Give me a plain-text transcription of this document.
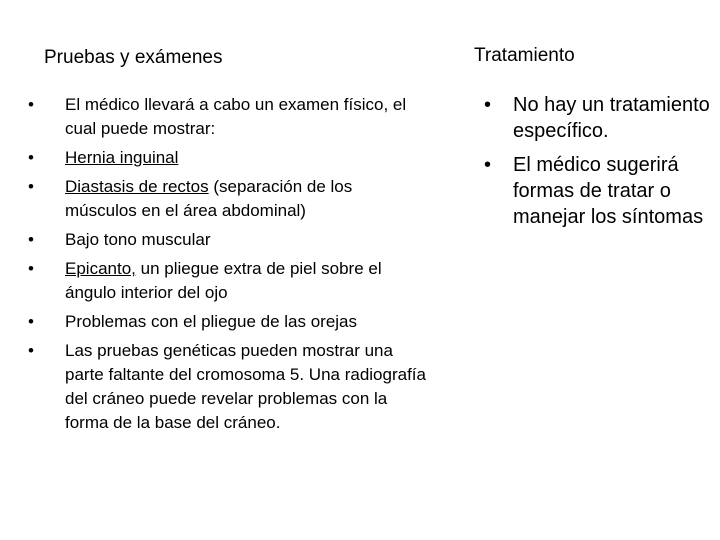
Pruebas y exámenes
• El médico llevará a cabo un examen físico, el cual puede mostrar:
• Hernia inguinal
• Diastasis de rectos (separación de los músculos en el área abdominal)
• Bajo tono muscular
• Epicanto, un pliegue extra de piel sobre el ángulo interior del ojo
• Problemas con el pliegue de las orejas
• Las pruebas genéticas pueden mostrar una parte faltante del cromosoma 5. Una radiografía del cráneo puede revelar problemas con la forma de la base del cráneo.
Tratamiento
• No hay un tratamiento específico.
• El médico sugerirá formas de tratar o manejar los síntomas
